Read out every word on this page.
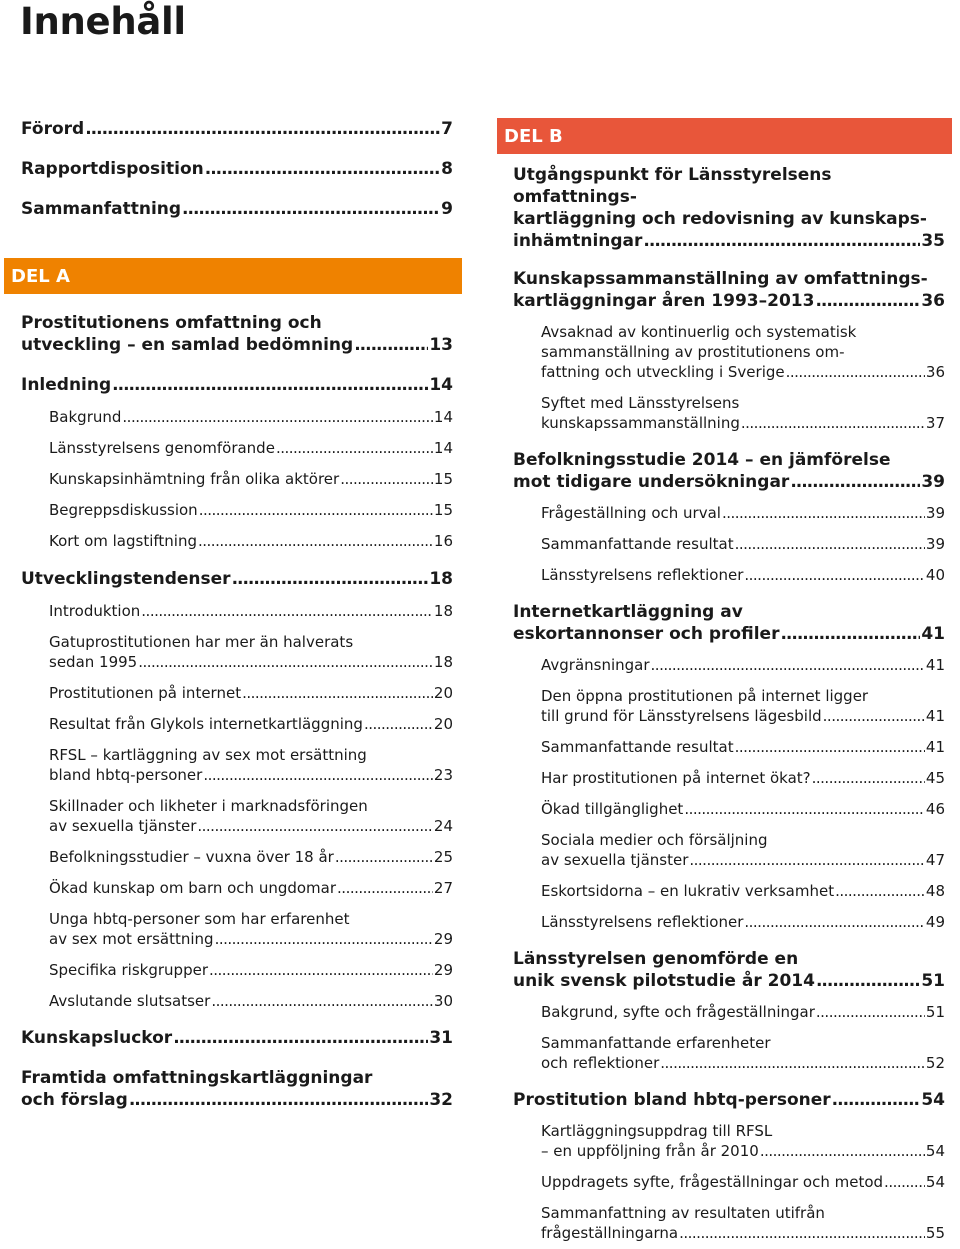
Innehåll
Förord .....	7
Rapportdisposition .....	8
Sammanfattning .....	9
DEL A
Prostitutionens omfattning och
utveckling – en samlad bedömning .....	13
Inledning .....	14
Bakgrund .....	14
Länsstyrelsens genomförande .....	14
Kunskapsinhämtning från olika aktörer .....	15
Begreppsdiskussion .....	15
Kort om lagstiftning .....	16
Utvecklingstendenser .....	18
Introduktion .....	18
Gatuprostitutionen har mer än halverats
sedan 1995 .....	18
Prostitutionen på internet .....	20
Resultat från Glykols internetkartläggning .....	20
RFSL – kartläggning av sex mot ersättning
bland hbtq-personer .....	23
Skillnader och likheter i marknadsföringen
av sexuella tjänster .....	24
Befolkningsstudier – vuxna över 18 år .....	25
Ökad kunskap om barn och ungdomar .....	27
Unga hbtq-personer som har erfarenhet
av sex mot ersättning .....	29
Specifika riskgrupper .....	29
Avslutande slutsatser .....	30
Kunskapsluckor .....	31
Framtida omfattningskartläggningar
och förslag .....	32
DEL B
Utgångspunkt för Länsstyrelsens omfattnings-
kartläggning och redovisning av kunskaps-
inhämtningar .....	35
Kunskapssammanställning av omfattnings-
kartläggningar åren 1993–2013 .....	36
Avsaknad av kontinuerlig och systematisk
sammanställning av prostitutionens om-
fattning och utveckling i Sverige .....	36
Syftet med Länsstyrelsens
kunskapssammanställning .....	37
Befolkningsstudie 2014 – en jämförelse
mot tidigare undersökningar .....	39
Frågeställning och urval .....	39
Sammanfattande resultat .....	39
Länsstyrelsens reflektioner .....	40
Internetkartläggning av
eskortannonser och profiler .....	41
Avgränsningar .....	41
Den öppna prostitutionen på internet ligger
till grund för Länsstyrelsens lägesbild .....	41
Sammanfattande resultat .....	41
Har prostitutionen på internet ökat? .....	45
Ökad tillgänglighet .....	46
Sociala medier och försäljning
av sexuella tjänster .....	47
Eskortsidorna – en lukrativ verksamhet .....	48
Länsstyrelsens reflektioner .....	49
Länsstyrelsen genomförde en
unik svensk pilotstudie år 2014 .....	51
Bakgrund, syfte och frågeställningar .....	51
Sammanfattande erfarenheter
och reflektioner .....	52
Prostitution bland hbtq-personer .....	54
Kartläggningsuppdrag till RFSL
– en uppföljning från år 2010 .....	54
Uppdragets syfte, frågeställningar och metod .....	54
Sammanfattning av resultaten utifrån
frågeställningarna .....	55
